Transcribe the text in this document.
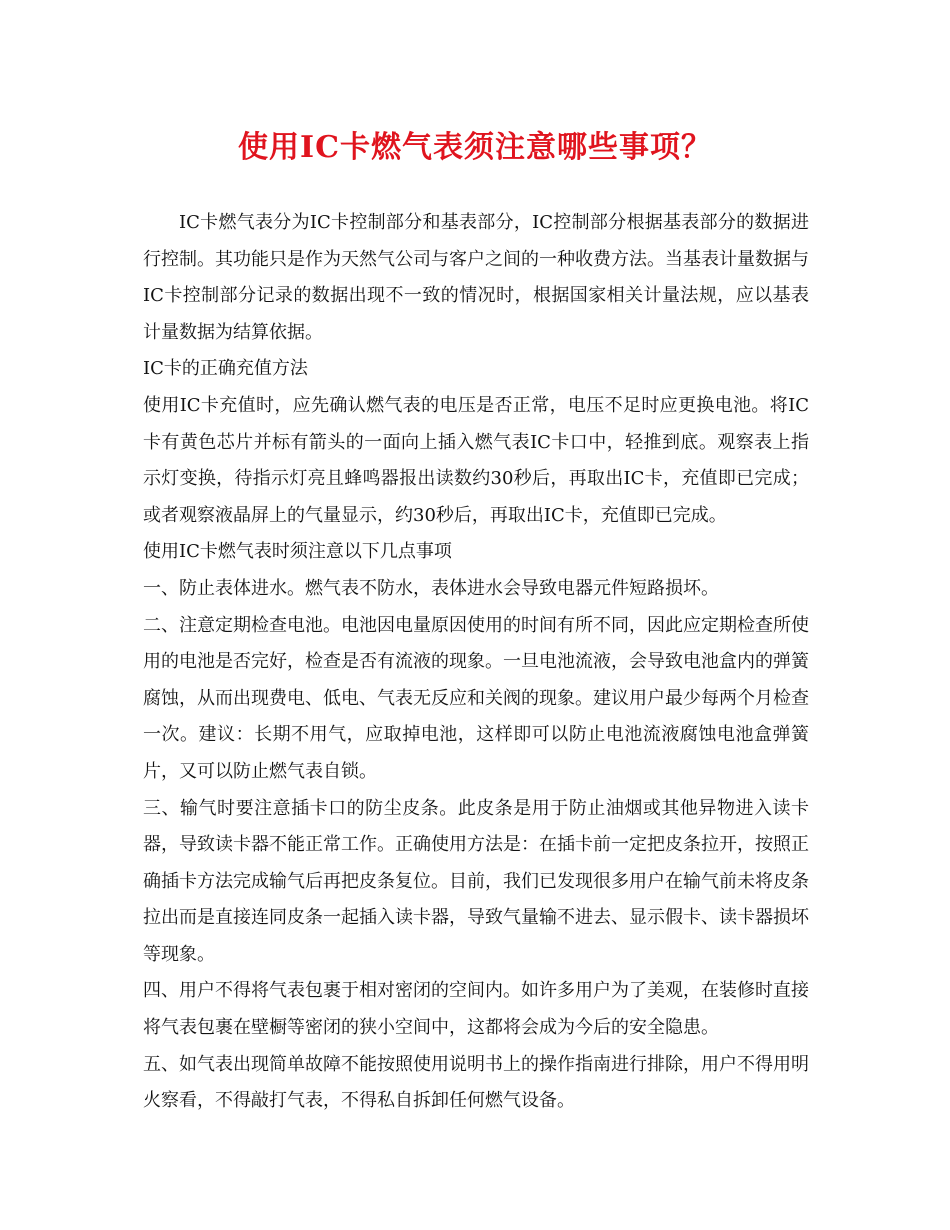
使用IC卡燃气表须注意哪些事项？

IC卡燃气表分为IC卡控制部分和基表部分，IC控制部分根据基表部分的数据进行控制。其功能只是作为天然气公司与客户之间的一种收费方法。当基表计量数据与IC卡控制部分记录的数据出现不一致的情况时，根据国家相关计量法规，应以基表计量数据为结算依据。

IC卡的正确充值方法

使用IC卡充值时，应先确认燃气表的电压是否正常，电压不足时应更换电池。将IC卡有黄色芯片并标有箭头的一面向上插入燃气表IC卡口中，轻推到底。观察表上指示灯变换，待指示灯亮且蜂鸣器报出读数约30秒后，再取出IC卡，充值即已完成；或者观察液晶屏上的气量显示，约30秒后，再取出IC卡，充值即已完成。

使用IC卡燃气表时须注意以下几点事项

一、防止表体进水。燃气表不防水，表体进水会导致电器元件短路损坏。

二、注意定期检查电池。电池因电量原因使用的时间有所不同，因此应定期检查所使用的电池是否完好，检查是否有流液的现象。一旦电池流液，会导致电池盒内的弹簧腐蚀，从而出现费电、低电、气表无反应和关阀的现象。建议用户最少每两个月检查一次。建议：长期不用气，应取掉电池，这样即可以防止电池流液腐蚀电池盒弹簧片，又可以防止燃气表自锁。

三、输气时要注意插卡口的防尘皮条。此皮条是用于防止油烟或其他异物进入读卡器，导致读卡器不能正常工作。正确使用方法是：在插卡前一定把皮条拉开，按照正确插卡方法完成输气后再把皮条复位。目前，我们已发现很多用户在输气前未将皮条拉出而是直接连同皮条一起插入读卡器，导致气量输不进去、显示假卡、读卡器损坏等现象。

四、用户不得将气表包裹于相对密闭的空间内。如许多用户为了美观，在装修时直接将气表包裹在壁橱等密闭的狭小空间中，这都将会成为今后的安全隐患。

五、如气表出现简单故障不能按照使用说明书上的操作指南进行排除，用户不得用明火察看，不得敲打气表，不得私自拆卸任何燃气设备。
